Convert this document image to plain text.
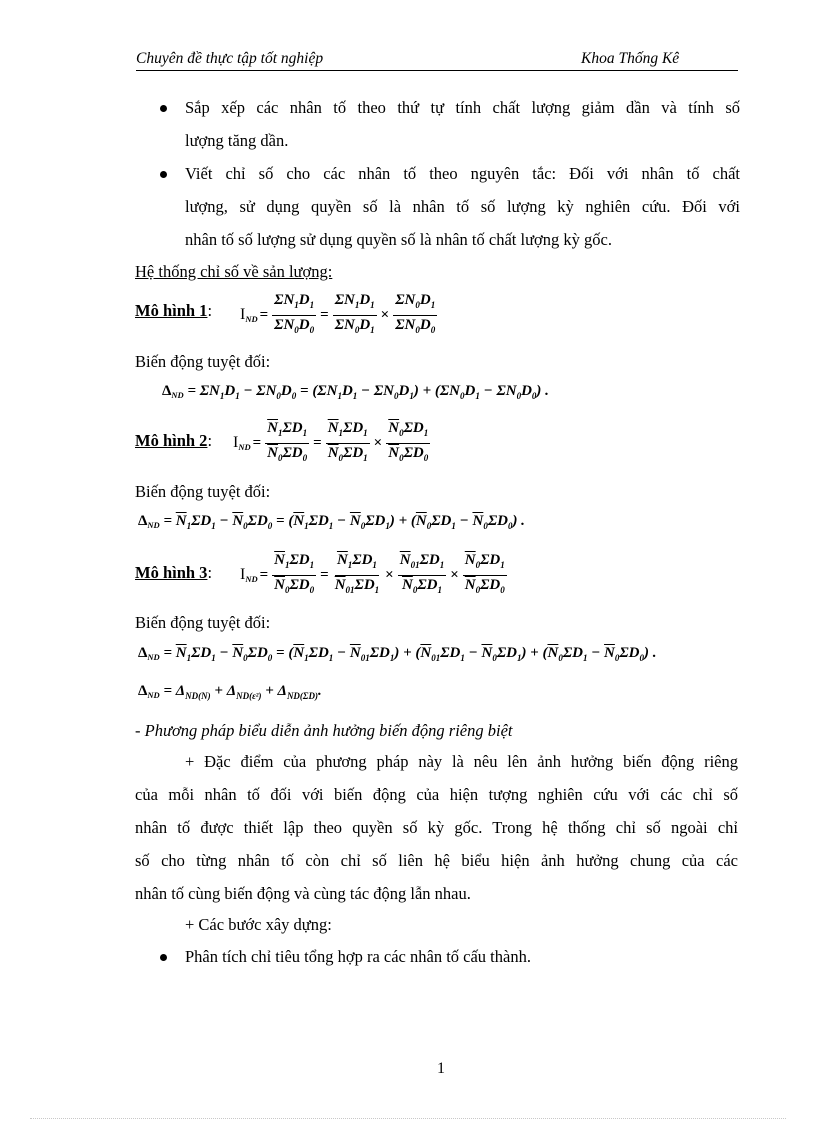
Chuyên đề thực tập tốt nghiệp	Khoa Thống Kê
Sắp xếp các nhân tố theo thứ tự tính chất lượng giảm dần và tính số
lượng tăng dần.
Viết chỉ số cho các nhân tố theo nguyên tắc: Đối với nhân tố chất
lượng, sử dụng quyền số là nhân tố số lượng kỳ nghiên cứu. Đối với
nhân tố số lượng sử dụng quyền số là nhân tố chất lượng kỳ gốc.
Hệ thống chỉ số về sản lượng:
Mô hình 1: $I_{ND} = \frac{\Sigma N_1D_1}{\Sigma N_0D_0} = \frac{\Sigma N_1D_1}{\Sigma N_0D_1} \times \frac{\Sigma N_0D_1}{\Sigma N_0D_0}$
Biến động tuyệt đối:
$\Delta_{ND} = \Sigma N_1D_1 - \Sigma N_0D_0 = (\Sigma N_1D_1 - \Sigma N_0D_1) + (\Sigma N_0D_1 - \Sigma N_0D_0)$ .
Mô hình 2: $I_{ND} = \frac{\overline{N}_1\Sigma D_1}{\overline{N}_0\Sigma D_0} = \frac{\overline{N}_1\Sigma D_1}{\overline{N}_0\Sigma D_1} \times \frac{\overline{N}_0\Sigma D_1}{\overline{N}_0\Sigma D_0}$
Biến động tuyệt đối:
$\Delta_{ND} = \overline{N}_1\Sigma D_1 - \overline{N}_0\Sigma D_0 = (\overline{N}_1\Sigma D_1 - \overline{N}_0\Sigma D_1) + (\overline{N}_0\Sigma D_1 - \overline{N}_0\Sigma D_0)$ .
Mô hình 3: $I_{ND} = \frac{\overline{N}_1\Sigma D_1}{\overline{N}_0\Sigma D_0} = \frac{\overline{N}_1\Sigma D_1}{\overline{N}_{01}\Sigma D_1} \times \frac{\overline{N}_{01}\Sigma D_1}{\overline{N}_0\Sigma D_1} \times \frac{\overline{N}_0\Sigma D_1}{\overline{N}_0\Sigma D_0}$
Biến động tuyệt đối:
$\Delta_{ND} = \overline{N}_1\Sigma D_1 - \overline{N}_0\Sigma D_0 = (\overline{N}_1\Sigma D_1 - \overline{N}_{01}\Sigma D_1) + (\overline{N}_{01}\Sigma D_1 - \overline{N}_0\Sigma D_1) + (\overline{N}_0\Sigma D_1 - \overline{N}_0\Sigma D_0)$ .
$\Delta_{ND} = \Delta_{ND(N)} + \Delta_{ND(\varepsilon^2)} + \Delta_{ND(\Sigma D)}$.
- Phương pháp biểu diễn ảnh hưởng biến động riêng biệt
+ Đặc điểm của phương pháp này là nêu lên ảnh hưởng biến động riêng
của mỗi nhân tố đối với biến động của hiện tượng nghiên cứu với các chỉ số
nhân tố được thiết lập theo quyền số kỳ gốc. Trong hệ thống chỉ số ngoài chỉ
số cho từng nhân tố còn chỉ số liên hệ biểu hiện ảnh hưởng chung của các
nhân tố cùng biến động và cùng tác động lẫn nhau.
+ Các bước xây dựng:
Phân tích chỉ tiêu tổng hợp ra các nhân tố cấu thành.
1
